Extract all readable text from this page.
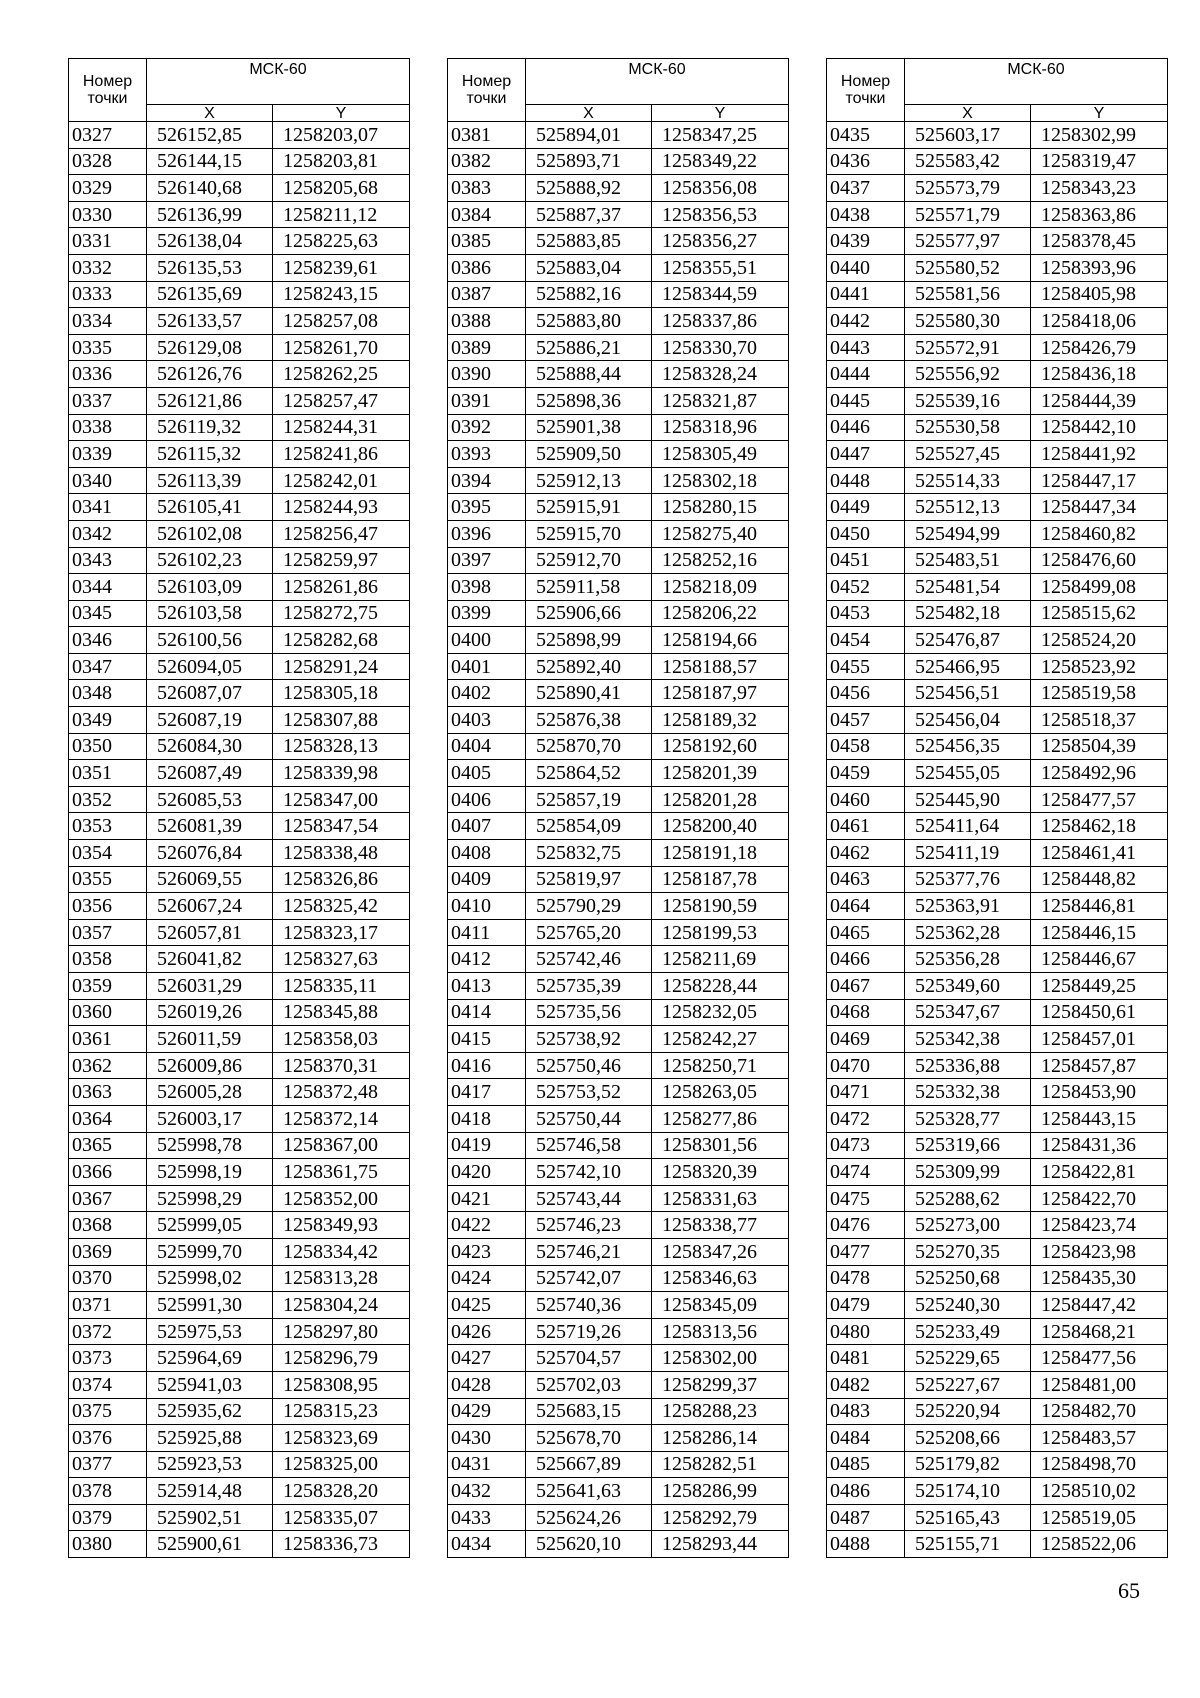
Номер
точки	МСК-60	
	X	Y
0327	526152,85	1258203,07
0328	526144,15	1258203,81
0329	526140,68	1258205,68
0330	526136,99	1258211,12
0331	526138,04	1258225,63
0332	526135,53	1258239,61
0333	526135,69	1258243,15
0334	526133,57	1258257,08
0335	526129,08	1258261,70
0336	526126,76	1258262,25
0337	526121,86	1258257,47
0338	526119,32	1258244,31
0339	526115,32	1258241,86
0340	526113,39	1258242,01
0341	526105,41	1258244,93
0342	526102,08	1258256,47
0343	526102,23	1258259,97
0344	526103,09	1258261,86
0345	526103,58	1258272,75
0346	526100,56	1258282,68
0347	526094,05	1258291,24
0348	526087,07	1258305,18
0349	526087,19	1258307,88
0350	526084,30	1258328,13
0351	526087,49	1258339,98
0352	526085,53	1258347,00
0353	526081,39	1258347,54
0354	526076,84	1258338,48
0355	526069,55	1258326,86
0356	526067,24	1258325,42
0357	526057,81	1258323,17
0358	526041,82	1258327,63
0359	526031,29	1258335,11
0360	526019,26	1258345,88
0361	526011,59	1258358,03
0362	526009,86	1258370,31
0363	526005,28	1258372,48
0364	526003,17	1258372,14
0365	525998,78	1258367,00
0366	525998,19	1258361,75
0367	525998,29	1258352,00
0368	525999,05	1258349,93
0369	525999,70	1258334,42
0370	525998,02	1258313,28
0371	525991,30	1258304,24
0372	525975,53	1258297,80
0373	525964,69	1258296,79
0374	525941,03	1258308,95
0375	525935,62	1258315,23
0376	525925,88	1258323,69
0377	525923,53	1258325,00
0378	525914,48	1258328,20
0379	525902,51	1258335,07
0380	525900,61	1258336,73
Номер
точки	МСК-60	
	X	Y
0381	525894,01	1258347,25
0382	525893,71	1258349,22
0383	525888,92	1258356,08
0384	525887,37	1258356,53
0385	525883,85	1258356,27
0386	525883,04	1258355,51
0387	525882,16	1258344,59
0388	525883,80	1258337,86
0389	525886,21	1258330,70
0390	525888,44	1258328,24
0391	525898,36	1258321,87
0392	525901,38	1258318,96
0393	525909,50	1258305,49
0394	525912,13	1258302,18
0395	525915,91	1258280,15
0396	525915,70	1258275,40
0397	525912,70	1258252,16
0398	525911,58	1258218,09
0399	525906,66	1258206,22
0400	525898,99	1258194,66
0401	525892,40	1258188,57
0402	525890,41	1258187,97
0403	525876,38	1258189,32
0404	525870,70	1258192,60
0405	525864,52	1258201,39
0406	525857,19	1258201,28
0407	525854,09	1258200,40
0408	525832,75	1258191,18
0409	525819,97	1258187,78
0410	525790,29	1258190,59
0411	525765,20	1258199,53
0412	525742,46	1258211,69
0413	525735,39	1258228,44
0414	525735,56	1258232,05
0415	525738,92	1258242,27
0416	525750,46	1258250,71
0417	525753,52	1258263,05
0418	525750,44	1258277,86
0419	525746,58	1258301,56
0420	525742,10	1258320,39
0421	525743,44	1258331,63
0422	525746,23	1258338,77
0423	525746,21	1258347,26
0424	525742,07	1258346,63
0425	525740,36	1258345,09
0426	525719,26	1258313,56
0427	525704,57	1258302,00
0428	525702,03	1258299,37
0429	525683,15	1258288,23
0430	525678,70	1258286,14
0431	525667,89	1258282,51
0432	525641,63	1258286,99
0433	525624,26	1258292,79
0434	525620,10	1258293,44
Номер
точки	МСК-60	
	X	Y
0435	525603,17	1258302,99
0436	525583,42	1258319,47
0437	525573,79	1258343,23
0438	525571,79	1258363,86
0439	525577,97	1258378,45
0440	525580,52	1258393,96
0441	525581,56	1258405,98
0442	525580,30	1258418,06
0443	525572,91	1258426,79
0444	525556,92	1258436,18
0445	525539,16	1258444,39
0446	525530,58	1258442,10
0447	525527,45	1258441,92
0448	525514,33	1258447,17
0449	525512,13	1258447,34
0450	525494,99	1258460,82
0451	525483,51	1258476,60
0452	525481,54	1258499,08
0453	525482,18	1258515,62
0454	525476,87	1258524,20
0455	525466,95	1258523,92
0456	525456,51	1258519,58
0457	525456,04	1258518,37
0458	525456,35	1258504,39
0459	525455,05	1258492,96
0460	525445,90	1258477,57
0461	525411,64	1258462,18
0462	525411,19	1258461,41
0463	525377,76	1258448,82
0464	525363,91	1258446,81
0465	525362,28	1258446,15
0466	525356,28	1258446,67
0467	525349,60	1258449,25
0468	525347,67	1258450,61
0469	525342,38	1258457,01
0470	525336,88	1258457,87
0471	525332,38	1258453,90
0472	525328,77	1258443,15
0473	525319,66	1258431,36
0474	525309,99	1258422,81
0475	525288,62	1258422,70
0476	525273,00	1258423,74
0477	525270,35	1258423,98
0478	525250,68	1258435,30
0479	525240,30	1258447,42
0480	525233,49	1258468,21
0481	525229,65	1258477,56
0482	525227,67	1258481,00
0483	525220,94	1258482,70
0484	525208,66	1258483,57
0485	525179,82	1258498,70
0486	525174,10	1258510,02
0487	525165,43	1258519,05
0488	525155,71	1258522,06
65
